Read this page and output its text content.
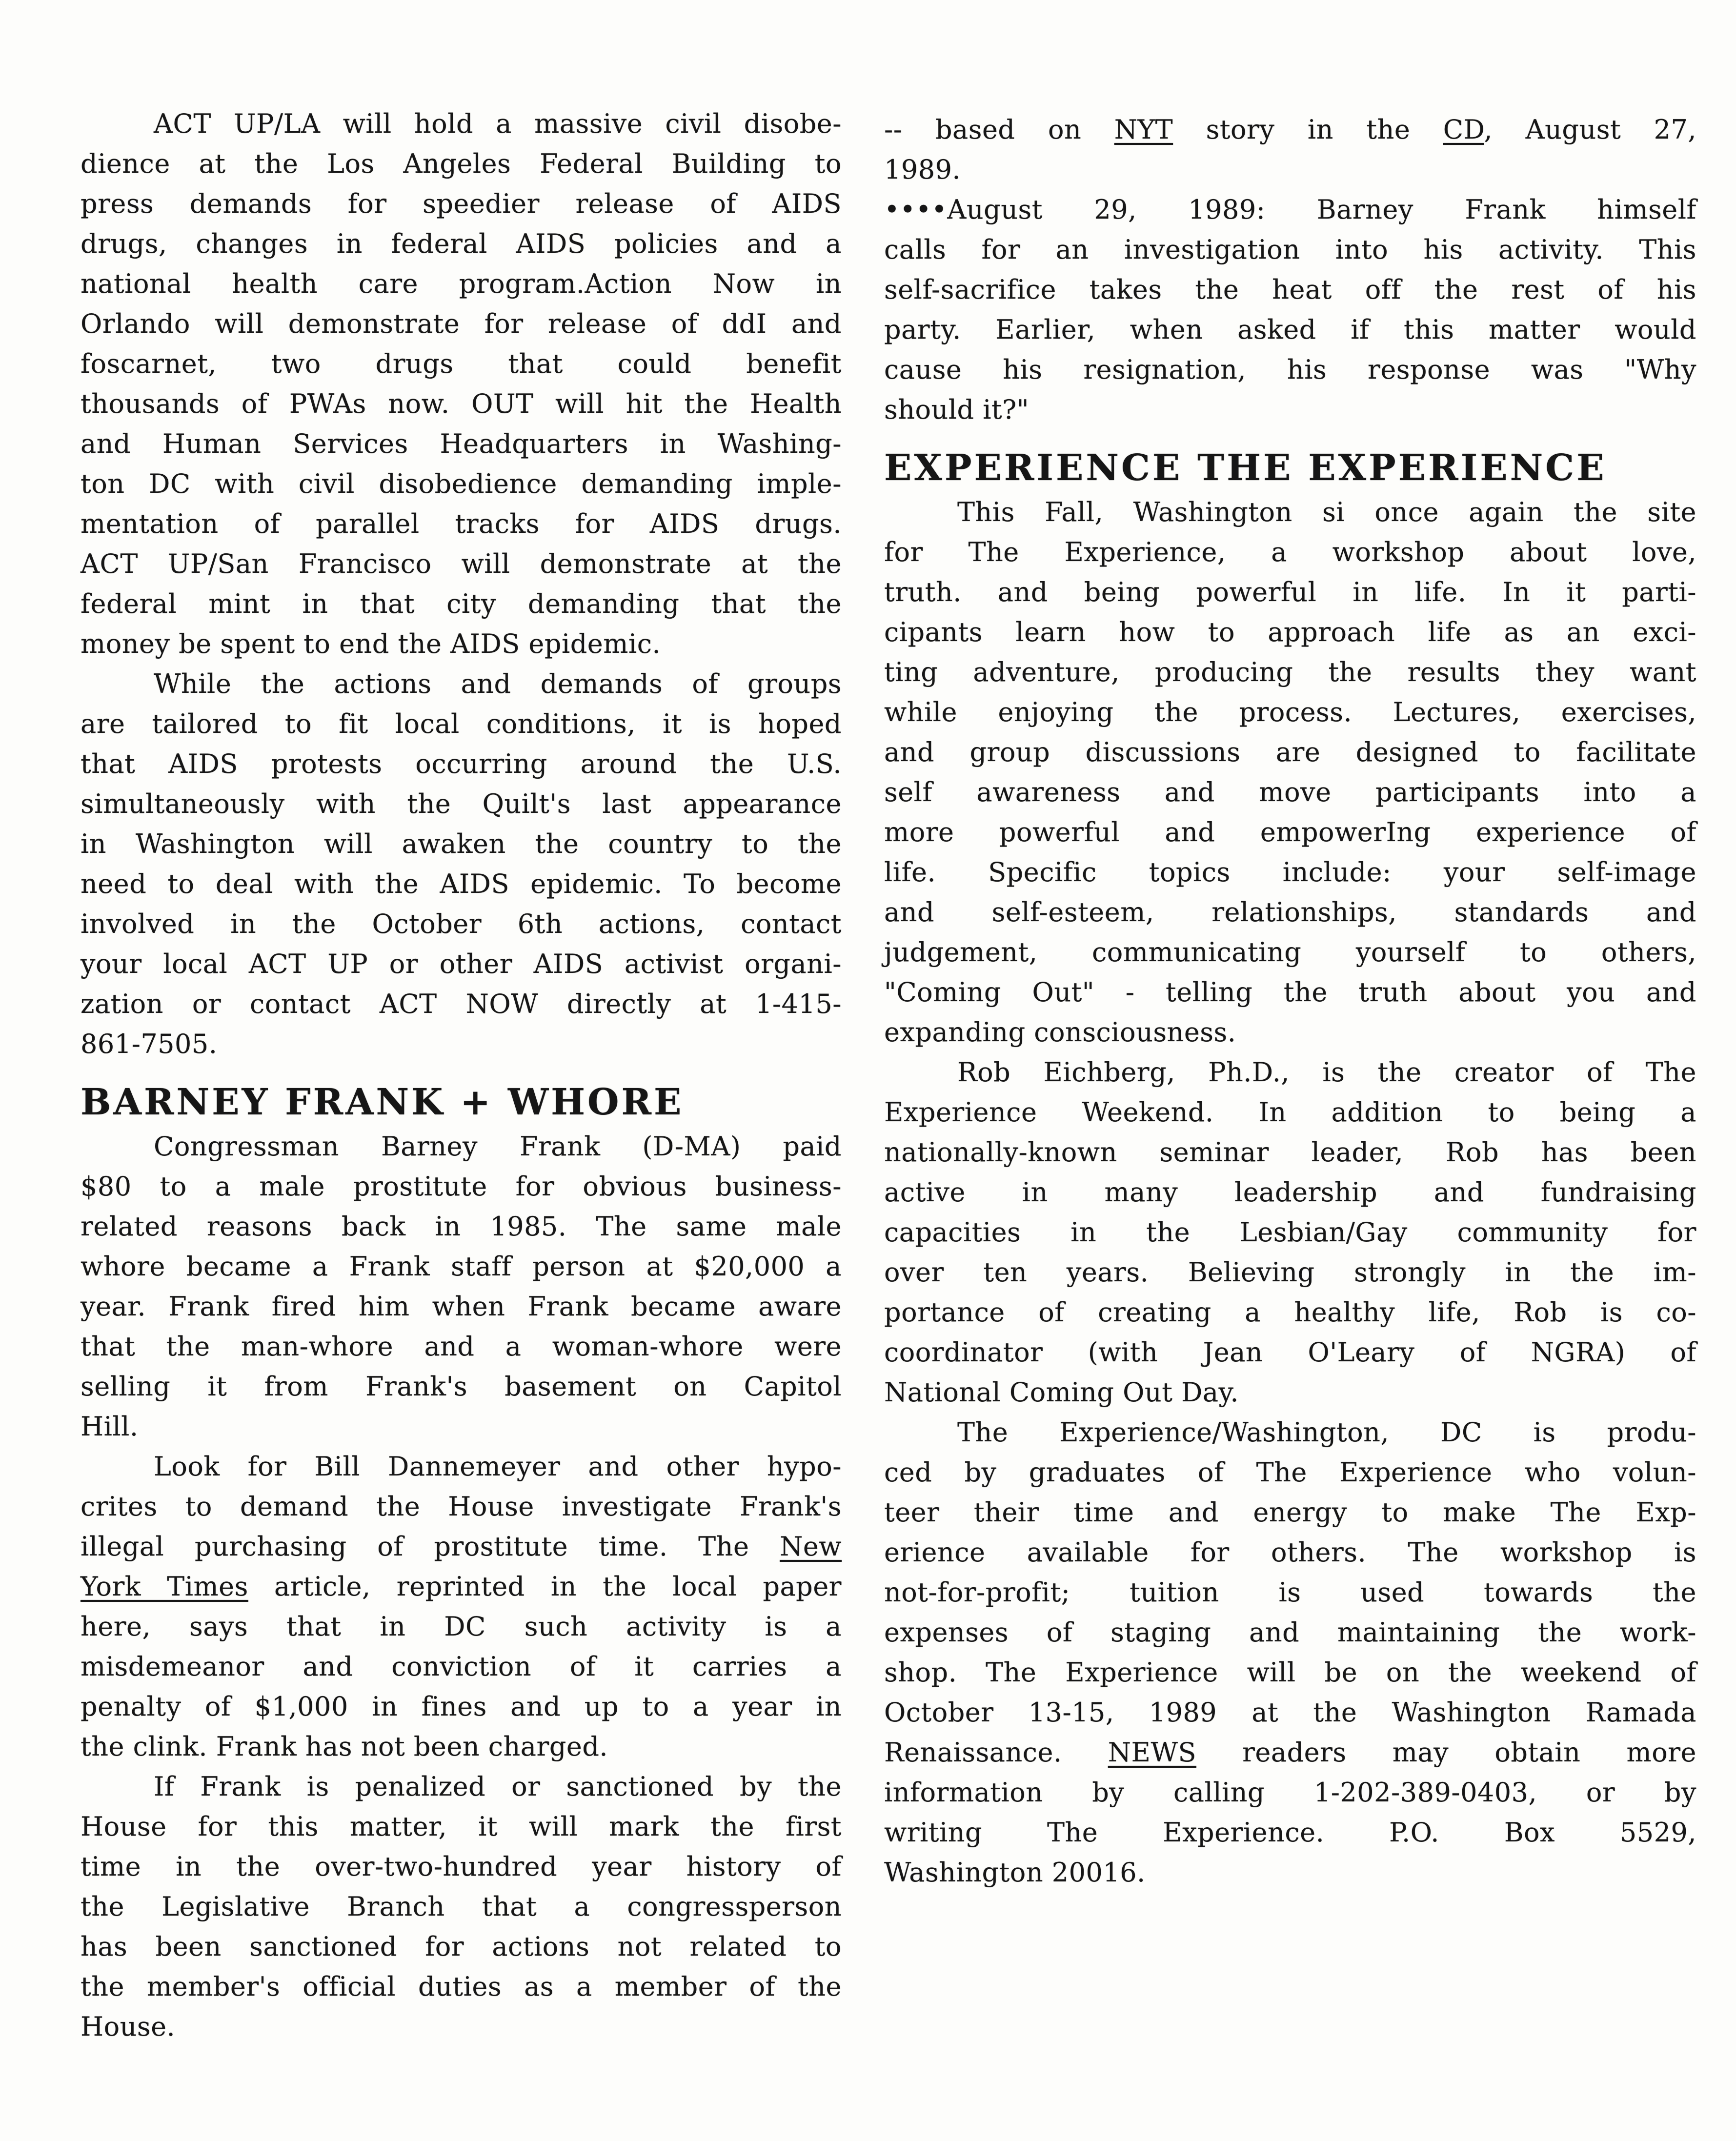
ACT UP/LA will hold a massive civil disobe-
dience at the Los Angeles Federal Building to
press demands for speedier release of AIDS
drugs, changes in federal AIDS policies and a
national health care program.Action Now in
Orlando will demonstrate for release of ddI and
foscarnet, two drugs that could benefit
thousands of PWAs now. OUT will hit the Health
and Human Services Headquarters in Washing-
ton DC with civil disobedience demanding imple-
mentation of parallel tracks for AIDS drugs.
ACT UP/San Francisco will demonstrate at the
federal mint in that city demanding that the
money be spent to end the AIDS epidemic.
While the actions and demands of groups
are tailored to fit local conditions, it is hoped
that AIDS protests occurring around the U.S.
simultaneously with the Quilt's last appearance
in Washington will awaken the country to the
need to deal with the AIDS epidemic. To become
involved in the October 6th actions, contact
your local ACT UP or other AIDS activist organi-
zation or contact ACT NOW directly at 1-415-
861-7505.
BARNEY FRANK + WHORE
Congressman Barney Frank (D-MA) paid
$80 to a male prostitute for obvious business-
related reasons back in 1985. The same male
whore became a Frank staff person at $20,000 a
year. Frank fired him when Frank became aware
that the man-whore and a woman-whore were
selling it from Frank's basement on Capitol
Hill.
Look for Bill Dannemeyer and other hypo-
crites to demand the House investigate Frank's
illegal purchasing of prostitute time. The New
York Times article, reprinted in the local paper
here, says that in DC such activity is a
misdemeanor and conviction of it carries a
penalty of $1,000 in fines and up to a year in
the clink. Frank has not been charged.
If Frank is penalized or sanctioned by the
House for this matter, it will mark the first
time in the over-two-hundred year history of
the Legislative Branch that a congressperson
has been sanctioned for actions not related to
the member's official duties as a member of the
House.
-- based on NYT story in the CD, August 27,
1989.
••••August 29, 1989: Barney Frank himself
calls for an investigation into his activity. This
self-sacrifice takes the heat off the rest of his
party. Earlier, when asked if this matter would
cause his resignation, his response was "Why
should it?"
EXPERIENCE THE EXPERIENCE
This Fall, Washington si once again the site
for The Experience, a workshop about love,
truth. and being powerful in life. In it parti-
cipants learn how to approach life as an exci-
ting adventure, producing the results they want
while enjoying the process. Lectures, exercises,
and group discussions are designed to facilitate
self awareness and move participants into a
more powerful and empowerIng experience of
life. Specific topics include: your self-image
and self-esteem, relationships, standards and
judgement, communicating yourself to others,
"Coming Out" - telling the truth about you and
expanding consciousness.
Rob Eichberg, Ph.D., is the creator of The
Experience Weekend. In addition to being a
nationally-known seminar leader, Rob has been
active in many leadership and fundraising
capacities in the Lesbian/Gay community for
over ten years. Believing strongly in the im-
portance of creating a healthy life, Rob is co-
coordinator (with Jean O'Leary of NGRA) of
National Coming Out Day.
The Experience/Washington, DC is produ-
ced by graduates of The Experience who volun-
teer their time and energy to make The Exp-
erience available for others. The workshop is
not-for-profit; tuition is used towards the
expenses of staging and maintaining the work-
shop. The Experience will be on the weekend of
October 13-15, 1989 at the Washington Ramada
Renaissance. NEWS readers may obtain more
information by calling 1-202-389-0403, or by
writing The Experience. P.O. Box 5529,
Washington 20016.
